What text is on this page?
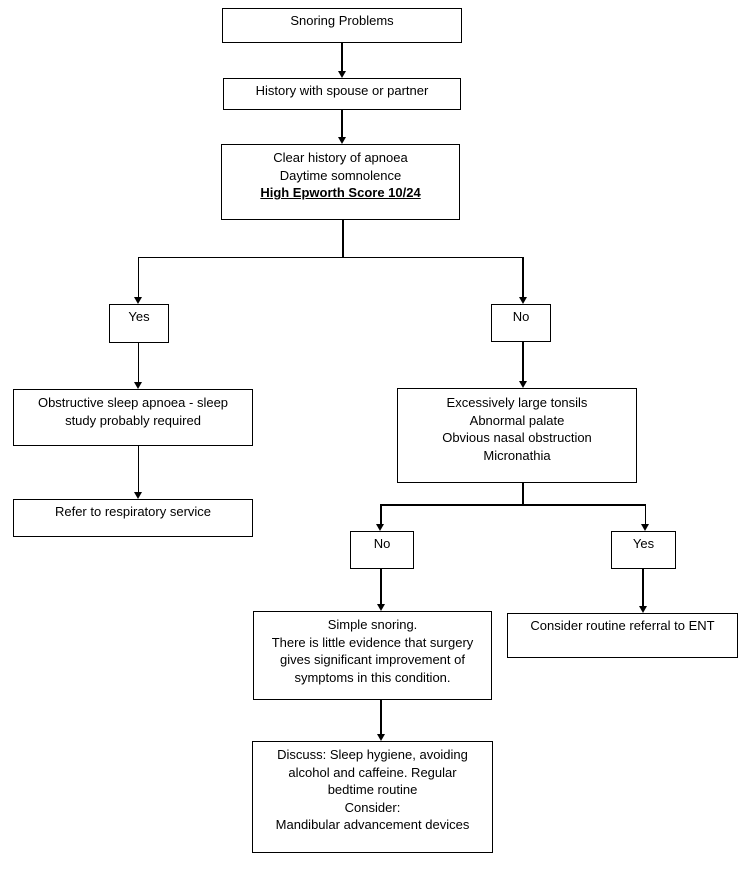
Snoring Problems
History with spouse or partner
Clear history of apnoea
Daytime somnolence
High Epworth Score 10/24
Yes	No
Obstructive sleep apnoea - sleep
study probably required
Refer to respiratory service
Excessively large tonsils
Abnormal palate
Obvious nasal obstruction
Micronathia
No	Yes
Simple snoring.
There is little evidence that surgery
gives significant improvement of
symptoms in this condition.
Consider routine referral to ENT
Discuss: Sleep hygiene, avoiding
alcohol and caffeine. Regular
bedtime routine
Consider:
Mandibular advancement devices
